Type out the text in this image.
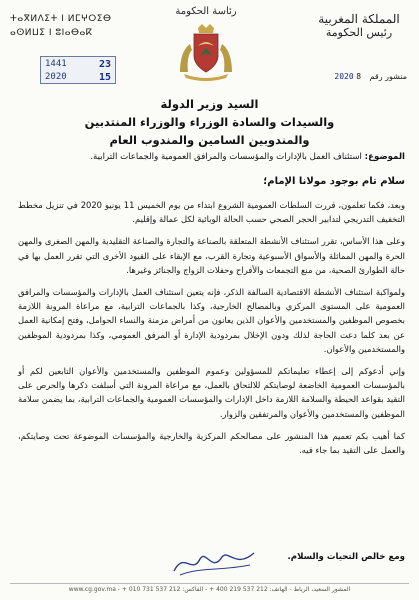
ⵜⴰⴳⵍⴷⵉⵜ ⵏ ⵍⵎⵖⵔⵉⴱ
ⴰⵙⵍⵡⵉ ⵏ ⵓⵏⴰⴱⴰⴽ
رئاسة الحكومة
المملكة المغربية
رئيس الحكومة
1441	23
2020	15	منشور رقم 8 2020
السيد وزير الدولة
والسيدات والسادة الوزراء والوزراء المنتدبين
والمندوبين السامين والمندوب العام
الموضوع: استئناف العمل بالإدارات والمؤسسات والمرافق العمومية والجماعات الترابية.
سلام تام بوجود مولانا الإمام؛

وبعد، فكما تعلمون، قررت السلطات العمومية الشروع ابتداء من يوم الخميس 11 يونيو 2020 في تنزيل مخطط التخفيف التدريجي لتدابير الحجر الصحي حسب الحالة الوبائية لكل عمالة وإقليم.

وعلى هذا الأساس، تقرر استئناف الأنشطة المتعلقة بالصناعة والتجارة والصناعة التقليدية والمهن الصغرى والمهن الحرة والمهن المماثلة والأسواق الأسبوعية وتجارة القرب، مع الإبقاء على القيود الأخرى التي تقرر العمل بها في حالة الطوارئ الصحية، من منع التجمعات والأفراح وحفلات الزواج والجنائز وغيرها.

ولمواكبة استئناف الأنشطة الاقتصادية السالفة الذكر، فإنه يتعين استئناف العمل بالإدارات والمؤسسات والمرافق العمومية على المستوى المركزي وبالمصالح الخارجية، وكذا بالجماعات الترابية، مع مراعاة المرونة اللازمة بخصوص الموظفين والمستخدمين والأعوان الذين يعانون من أمراض مزمنة والنساء الحوامل، وفتح إمكانية العمل عن بعد كلما دعت الحاجة لذلك ودون الإخلال بمردودية الإدارة أو المرفق العمومي، وكذا بمردودية الموظفين والمستخدمين والأعوان.

وإني أدعوكم إلى إعطاء تعليماتكم للمسؤولين وعموم الموظفين والمستخدمين والأعوان التابعين لكم أو بالمؤسسات العمومية الخاضعة لوصايتكم للالتحاق بالعمل، مع مراعاة المرونة التي أسلفت ذكرها والحرص على التقيد بقواعد الحيطة والسلامة اللازمة داخل الإدارات والمؤسسات العمومية والجماعات الترابية، بما يضمن سلامة الموظفين والمستخدمين والأعوان والمرتفقين والزوار.

كما أهيب بكم تعميم هذا المنشور على مصالحكم المركزية والخارجية والمؤسسات الموضوعة تحت وصايتكم، والعمل على التقيد بما جاء فيه.

ومع خالص التحيات والسلام.
المشور السعيد، الرباط - الهاتف: 212 537 219 400 + - الفاكس: 212 537 731 010 + - www.cg.gov.ma
